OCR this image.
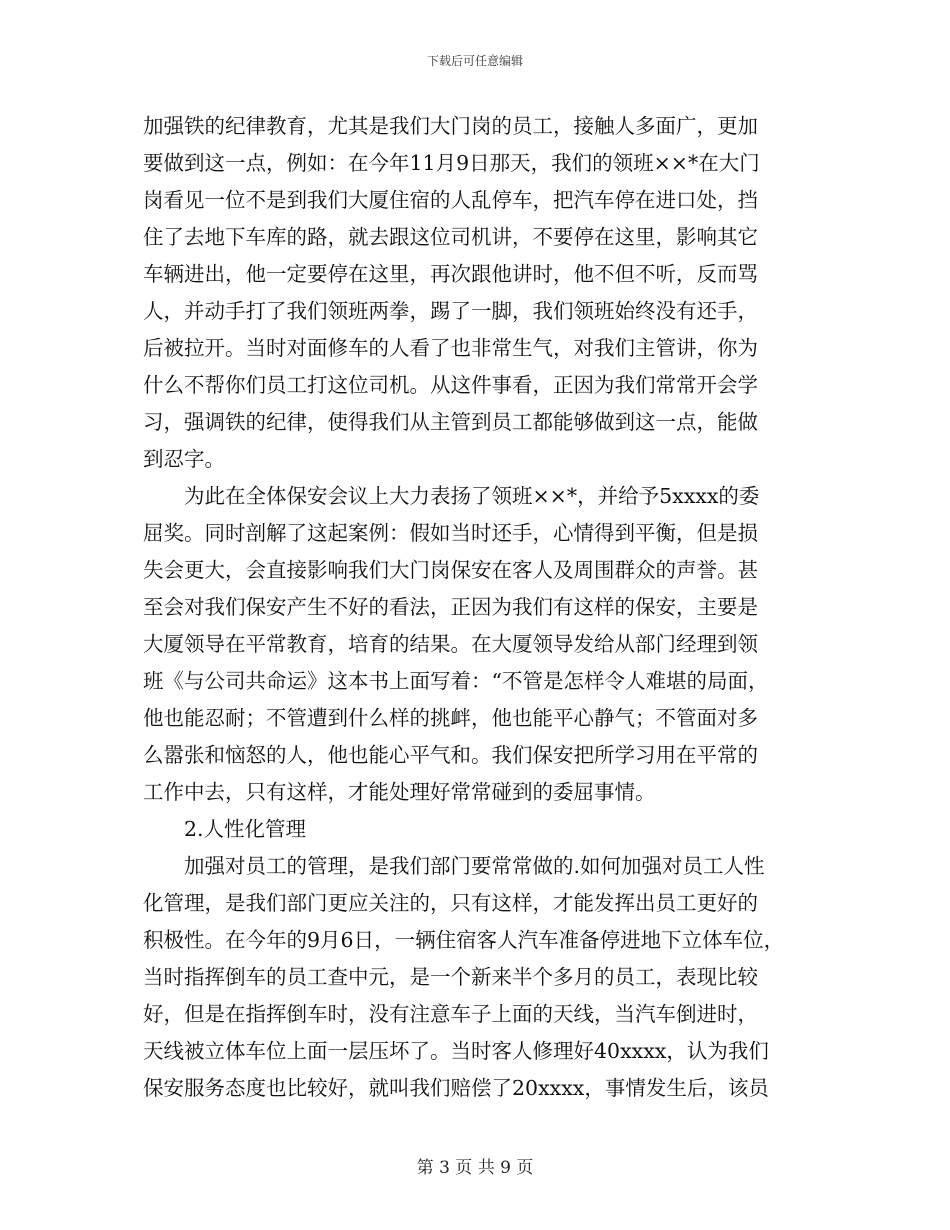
下载后可任意编辑
加强铁的纪律教育，尤其是我们大门岗的员工，接触人多面广，更加
要做到这一点，例如：在今年11月9日那天，我们的领班××*在大门
岗看见一位不是到我们大厦住宿的人乱停车，把汽车停在进口处，挡
住了去地下车库的路，就去跟这位司机讲，不要停在这里，影响其它
车辆进出，他一定要停在这里，再次跟他讲时，他不但不听，反而骂
人，并动手打了我们领班两拳，踢了一脚，我们领班始终没有还手，
后被拉开。当时对面修车的人看了也非常生气，对我们主管讲，你为
什么不帮你们员工打这位司机。从这件事看，正因为我们常常开会学
习，强调铁的纪律，使得我们从主管到员工都能够做到这一点，能做
到忍字。
　　为此在全体保安会议上大力表扬了领班××*，并给予5xxxx的委
屈奖。同时剖解了这起案例：假如当时还手，心情得到平衡，但是损
失会更大，会直接影响我们大门岗保安在客人及周围群众的声誉。甚
至会对我们保安产生不好的看法，正因为我们有这样的保安，主要是
大厦领导在平常教育，培育的结果。在大厦领导发给从部门经理到领
班《与公司共命运》这本书上面写着：“不管是怎样令人难堪的局面，
他也能忍耐；不管遭到什么样的挑衅，他也能平心静气；不管面对多
么嚣张和恼怒的人，他也能心平气和。我们保安把所学习用在平常的
工作中去，只有这样，才能处理好常常碰到的委屈事情。
　　2.人性化管理
　　加强对员工的管理，是我们部门要常常做的.如何加强对员工人性
化管理，是我们部门更应关注的，只有这样，才能发挥出员工更好的
积极性。在今年的9月6日，一辆住宿客人汽车准备停进地下立体车位，
当时指挥倒车的员工查中元，是一个新来半个多月的员工，表现比较
好，但是在指挥倒车时，没有注意车子上面的天线，当汽车倒进时，
天线被立体车位上面一层压坏了。当时客人修理好40xxxx，认为我们
保安服务态度也比较好，就叫我们赔偿了20xxxx，事情发生后，该员
第 3 页 共 9 页
